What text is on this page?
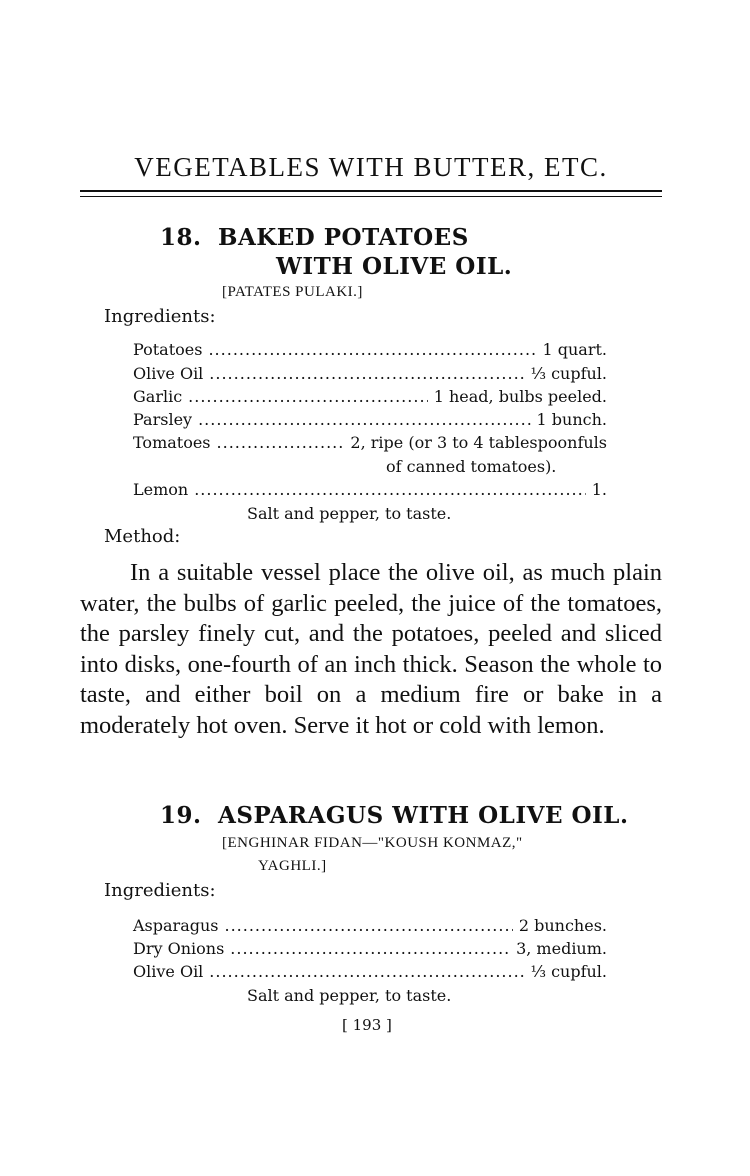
VEGETABLES WITH BUTTER, ETC.
18. BAKED POTATOES
WITH OLIVE OIL.
[PATATES PULAKI.]
Ingredients:
Potatoes .....	1 quart.
Olive Oil .....	⅓ cupful.
Garlic .....	1 head, bulbs peeled.
Parsley .....	1 bunch.
Tomatoes .....	2, ripe (or 3 to 4 tablespoonfuls
of canned tomatoes).
Lemon .....	1.
Salt and pepper, to taste.
Method:

In a suitable vessel place the olive oil, as much plain water, the bulbs of garlic peeled, the juice of the tomatoes, the parsley finely cut, and the potatoes, peeled and sliced into disks, one-fourth of an inch thick. Season the whole to taste, and either boil on a medium fire or bake in a moderately hot oven. Serve it hot or cold with lemon.

19. ASPARAGUS WITH OLIVE OIL.
[ENGHINAR FIDAN—"KOUSH KONMAZ,"
YAGHLI.]
Ingredients:
Asparagus .....	2 bunches.
Dry Onions .....	3, medium.
Olive Oil .....	⅓ cupful.
Salt and pepper, to taste.
[ 193 ]
